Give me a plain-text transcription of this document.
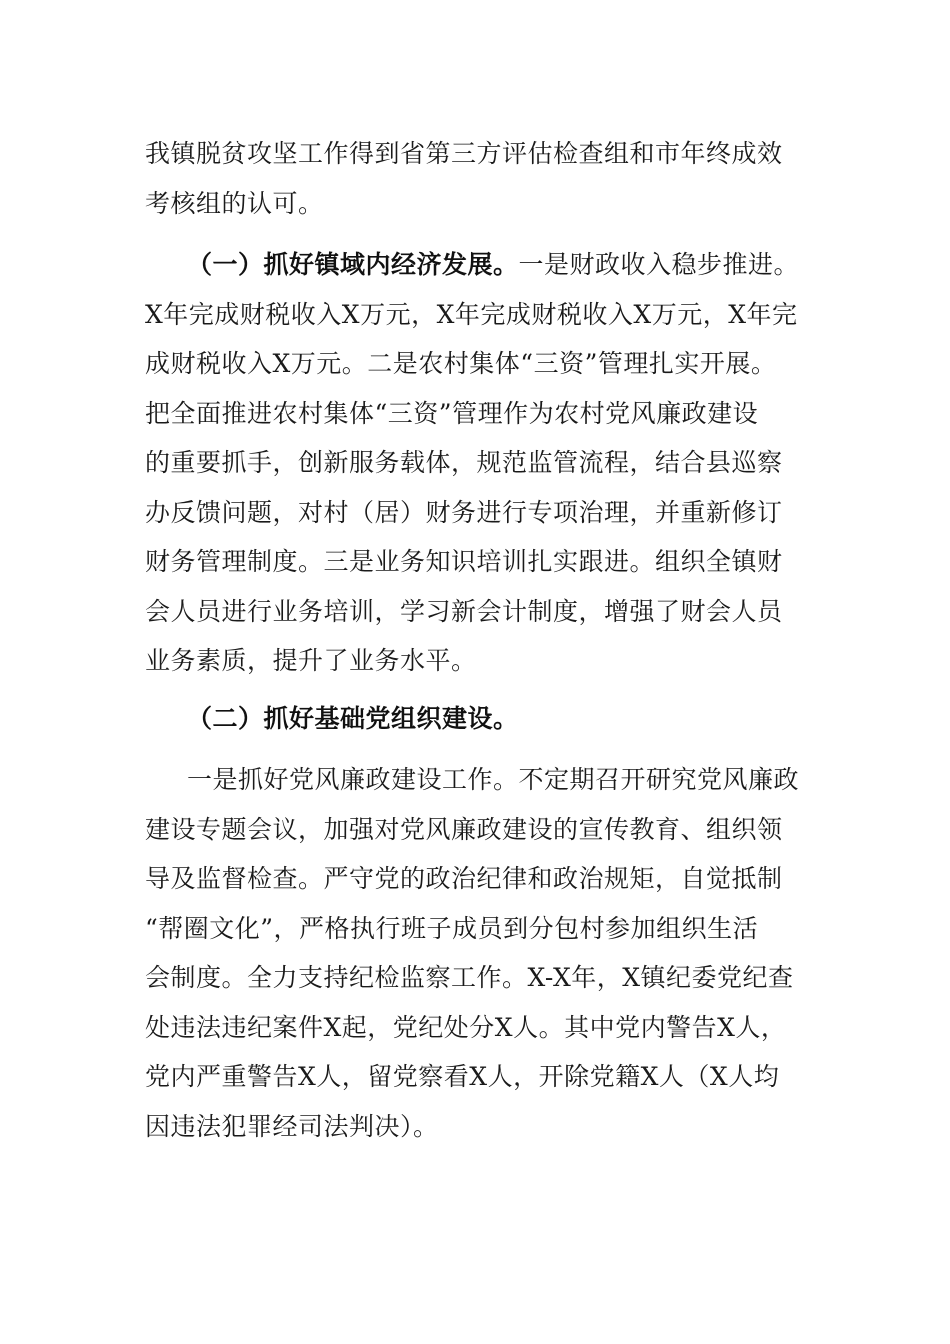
我镇脱贫攻坚工作得到省第三方评估检查组和市年终成效
考核组的认可。
（一）抓好镇域内经济发展。一是财政收入稳步推进。
X年完成财税收入X万元，X年完成财税收入X万元，X年完
成财税收入X万元。二是农村集体“三资”管理扎实开展。
把全面推进农村集体“三资”管理作为农村党风廉政建设
的重要抓手，创新服务载体，规范监管流程，结合县巡察
办反馈问题，对村（居）财务进行专项治理，并重新修订
财务管理制度。三是业务知识培训扎实跟进。组织全镇财
会人员进行业务培训，学习新会计制度，增强了财会人员
业务素质，提升了业务水平。
（二）抓好基础党组织建设。
一是抓好党风廉政建设工作。不定期召开研究党风廉政
建设专题会议，加强对党风廉政建设的宣传教育、组织领
导及监督检查。严守党的政治纪律和政治规矩，自觉抵制
“帮圈文化”，严格执行班子成员到分包村参加组织生活
会制度。全力支持纪检监察工作。X-X年，X镇纪委党纪查
处违法违纪案件X起，党纪处分X人。其中党内警告X人，
党内严重警告X人，留党察看X人，开除党籍X人（X人均
因违法犯罪经司法判决）。
